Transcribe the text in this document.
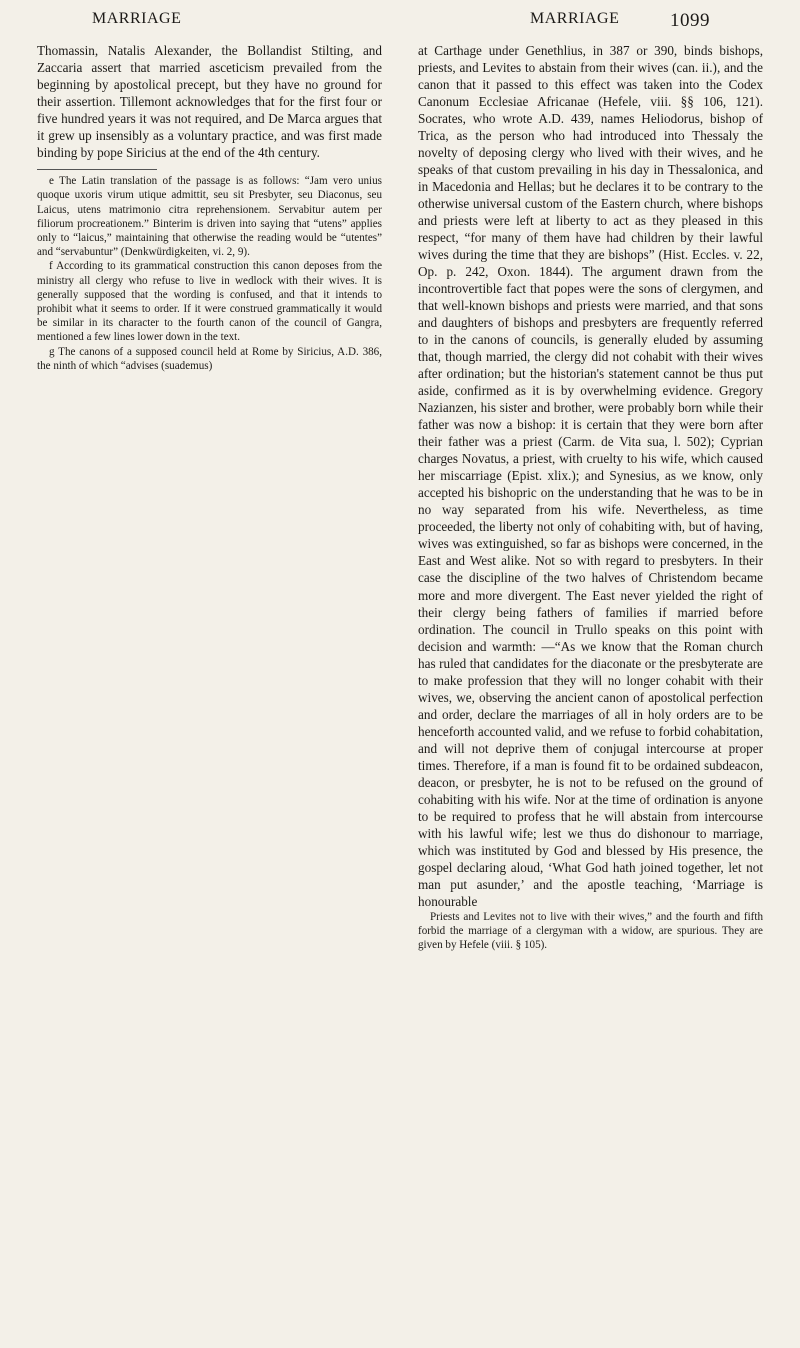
MARRIAGE	MARRIAGE	1099

Thomassin, Natalis Alexander, the Bollandist Stilting, and Zaccaria assert that married asceticism prevailed from the beginning by apostolical precept, but they have no ground for their assertion. Tillemont acknowledges that for the first four or five hundred years it was not required, and De Marca argues that it grew up insensibly as a voluntary practice, and was first made binding by pope Siricius at the end of the 4th century.

e The Latin translation of the passage is as follows: “Jam vero unius quoque uxoris virum utique admittit, seu sit Presbyter, seu Diaconus, seu Laicus, utens matrimonio citra reprehensionem. Servabitur autem per filiorum procreationem.” Binterim is driven into saying that “utens” applies only to “laicus,” maintaining that otherwise the reading would be “utentes” and “servabuntur” (Denkwürdigkeiten, vi. 2, 9).

f According to its grammatical construction this canon deposes from the ministry all clergy who refuse to live in wedlock with their wives. It is generally supposed that the wording is confused, and that it intends to prohibit what it seems to order. If it were construed grammatically it would be similar in its character to the fourth canon of the council of Gangra, mentioned a few lines lower down in the text.

g The canons of a supposed council held at Rome by Siricius, A.D. 386, the ninth of which “advises (suademus)

at Carthage under Genethlius, in 387 or 390, binds bishops, priests, and Levites to abstain from their wives (can. ii.), and the canon that it passed to this effect was taken into the Codex Canonum Ecclesiae Africanae (Hefele, viii. §§ 106, 121). Socrates, who wrote A.D. 439, names Heliodorus, bishop of Trica, as the person who had introduced into Thessaly the novelty of deposing clergy who lived with their wives, and he speaks of that custom prevailing in his day in Thessalonica, and in Macedonia and Hellas; but he declares it to be contrary to the otherwise universal custom of the Eastern church, where bishops and priests were left at liberty to act as they pleased in this respect, “for many of them have had children by their lawful wives during the time that they are bishops” (Hist. Eccles. v. 22, Op. p. 242, Oxon. 1844). The argument drawn from the incontrovertible fact that popes were the sons of clergymen, and that well-known bishops and priests were married, and that sons and daughters of bishops and presbyters are frequently referred to in the canons of councils, is generally eluded by assuming that, though married, the clergy did not cohabit with their wives after ordination; but the historian's statement cannot be thus put aside, confirmed as it is by overwhelming evidence. Gregory Nazianzen, his sister and brother, were probably born while their father was now a bishop: it is certain that they were born after their father was a priest (Carm. de Vita sua, l. 502); Cyprian charges Novatus, a priest, with cruelty to his wife, which caused her miscarriage (Epist. xlix.); and Synesius, as we know, only accepted his bishopric on the understanding that he was to be in no way separated from his wife. Nevertheless, as time proceeded, the liberty not only of cohabiting with, but of having, wives was extinguished, so far as bishops were concerned, in the East and West alike. Not so with regard to presbyters. In their case the discipline of the two halves of Christendom became more and more divergent. The East never yielded the right of their clergy being fathers of families if married before ordination. The council in Trullo speaks on this point with decision and warmth: —“As we know that the Roman church has ruled that candidates for the diaconate or the presbyterate are to make profession that they will no longer cohabit with their wives, we, observing the ancient canon of apostolical perfection and order, declare the marriages of all in holy orders are to be henceforth accounted valid, and we refuse to forbid cohabitation, and will not deprive them of conjugal intercourse at proper times. Therefore, if a man is found fit to be ordained subdeacon, deacon, or presbyter, he is not to be refused on the ground of cohabiting with his wife. Nor at the time of ordination is anyone to be required to profess that he will abstain from intercourse with his lawful wife; lest we thus do dishonour to marriage, which was instituted by God and blessed by His presence, the gospel declaring aloud, ‘What God hath joined together, let not man put asunder,’ and the apostle teaching, ‘Marriage is honourable

Priests and Levites not to live with their wives,” and the fourth and fifth forbid the marriage of a clergyman with a widow, are spurious. They are given by Hefele (viii. § 105).
